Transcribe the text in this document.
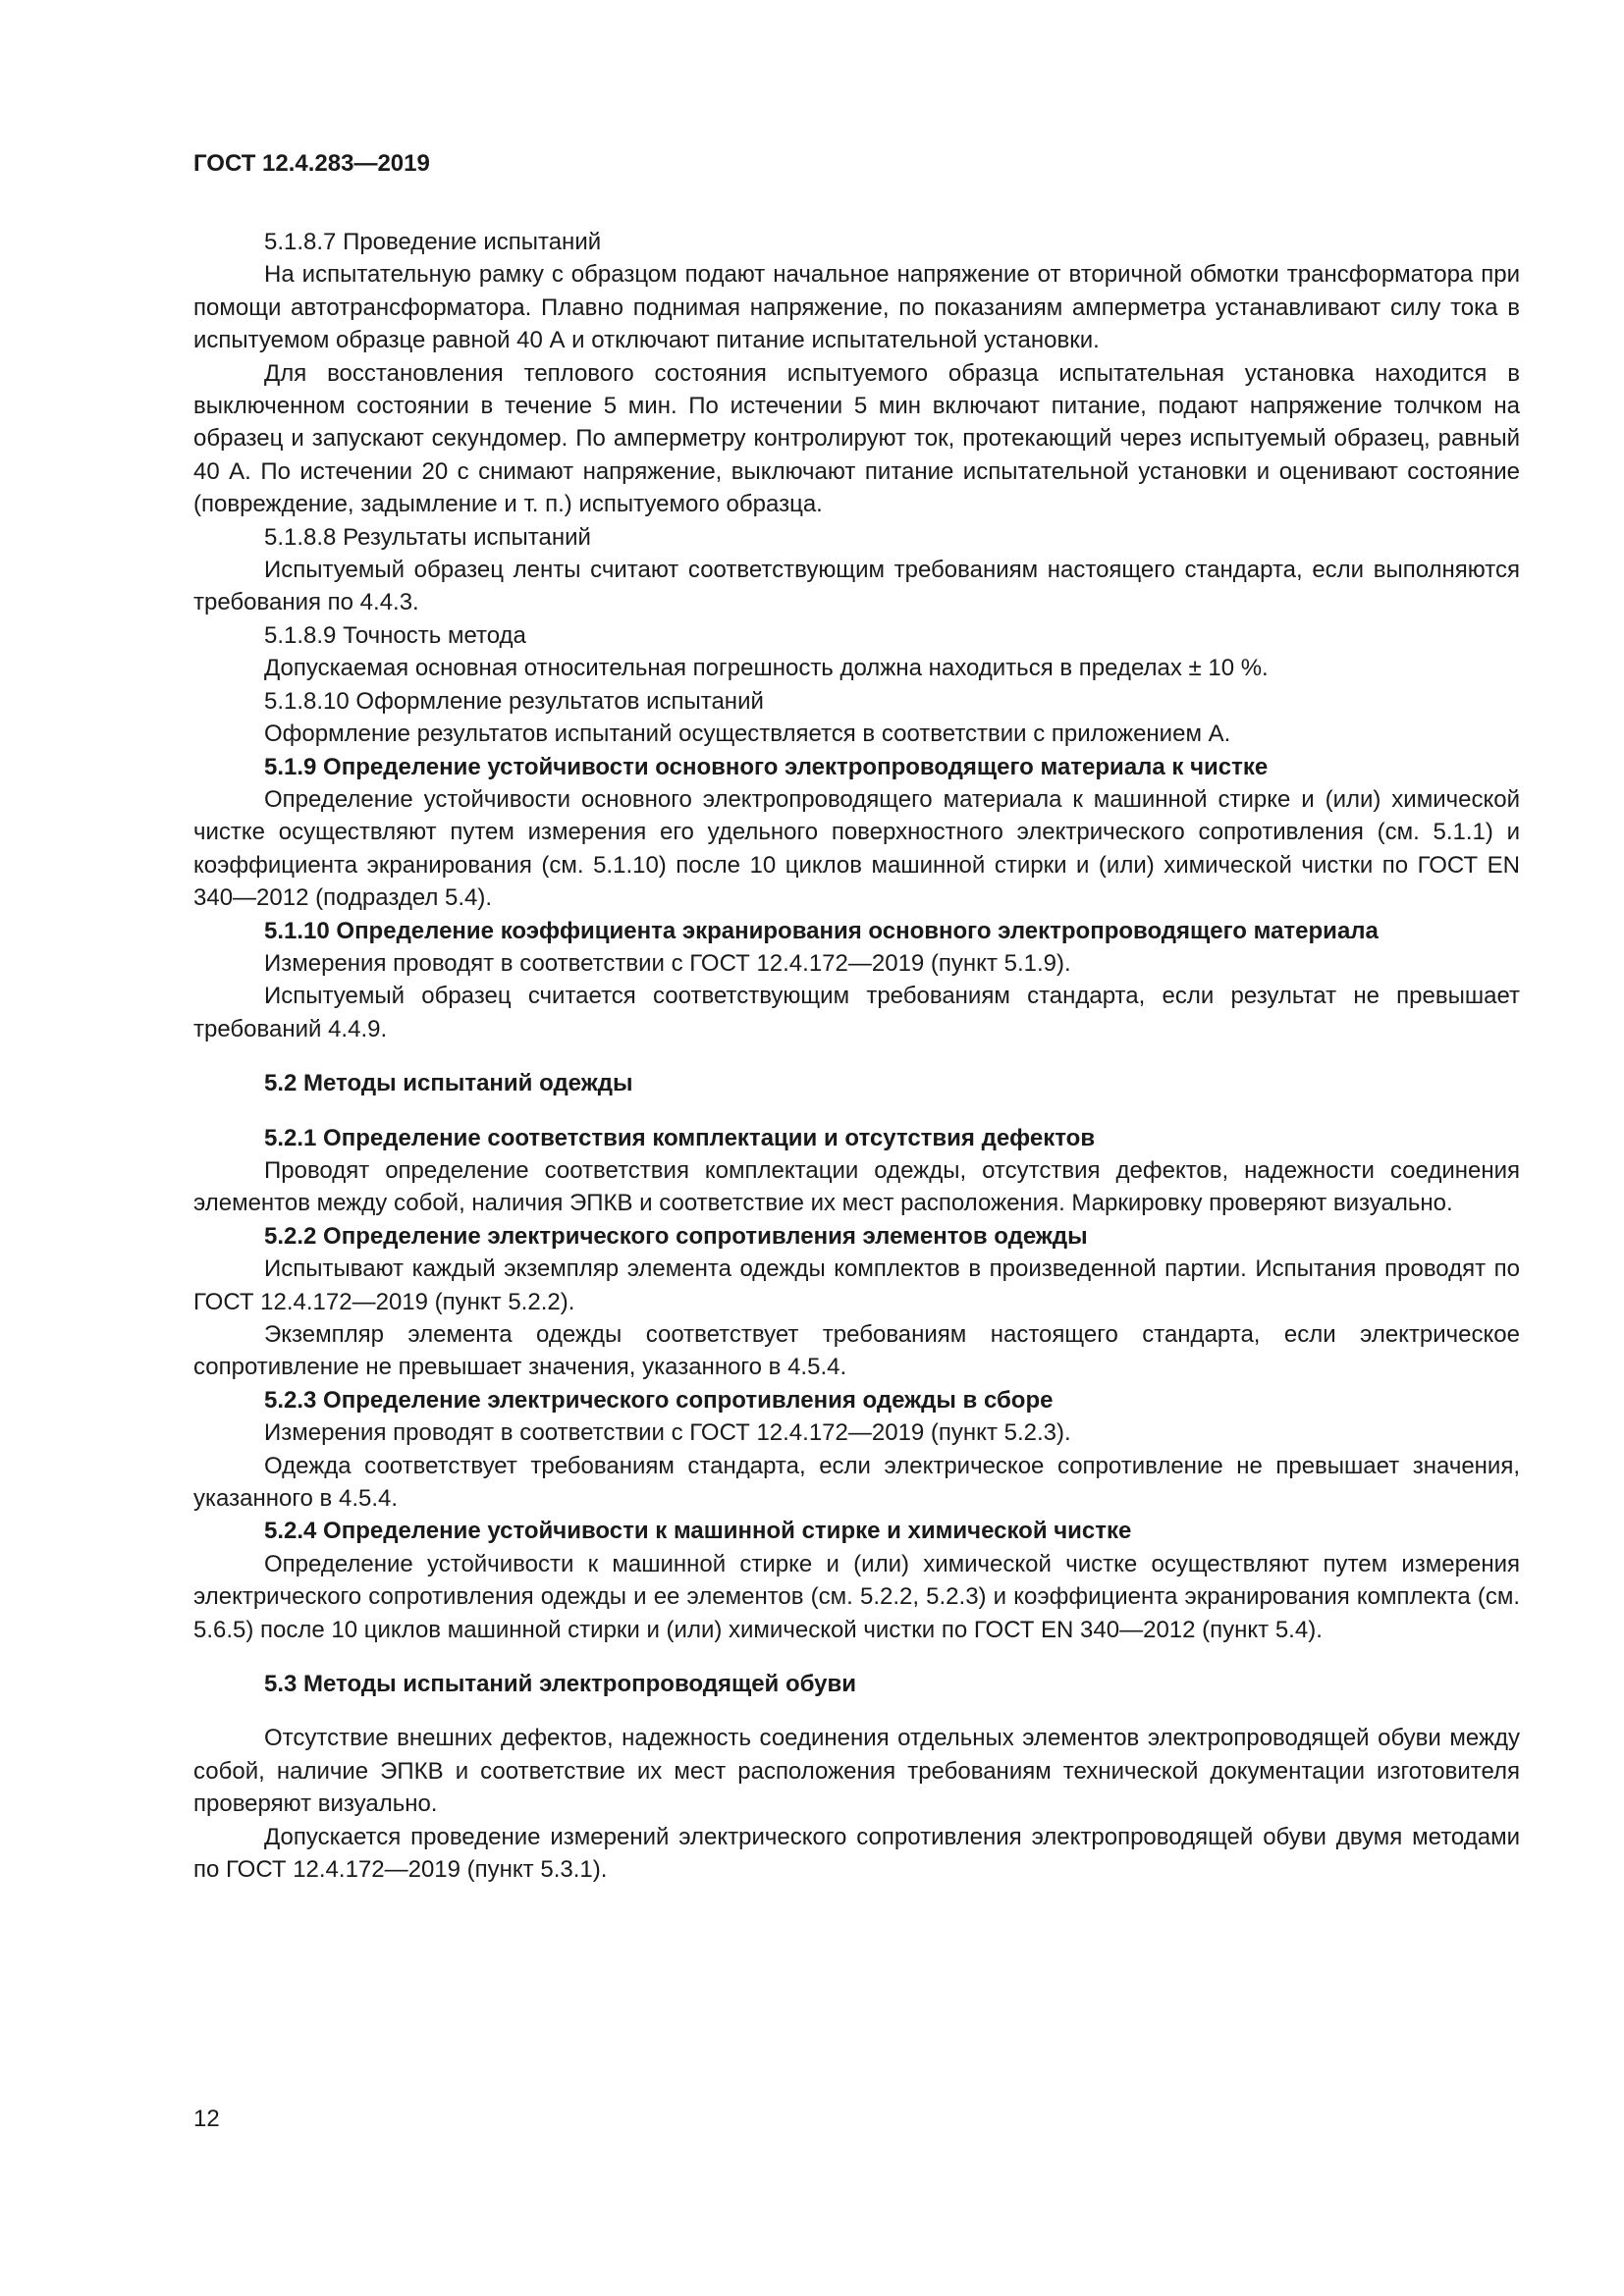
ГОСТ 12.4.283—2019

5.1.8.7 Проведение испытаний

На испытательную рамку с образцом подают начальное напряжение от вторичной обмотки трансформатора при помощи автотрансформатора. Плавно поднимая напряжение, по показаниям амперметра устанавливают силу тока в испытуемом образце равной 40 А и отключают питание испытательной установки.

Для восстановления теплового состояния испытуемого образца испытательная установка находится в выключенном состоянии в течение 5 мин. По истечении 5 мин включают питание, подают напряжение толчком на образец и запускают секундомер. По амперметру контролируют ток, протекающий через испытуемый образец, равный 40 А. По истечении 20 с снимают напряжение, выключают питание испытательной установки и оценивают состояние (повреждение, задымление и т. п.) испытуемого образца.

5.1.8.8 Результаты испытаний

Испытуемый образец ленты считают соответствующим требованиям настоящего стандарта, если выполняются требования по 4.4.3.

5.1.8.9 Точность метода

Допускаемая основная относительная погрешность должна находиться в пределах ± 10 %.

5.1.8.10 Оформление результатов испытаний

Оформление результатов испытаний осуществляется в соответствии с приложением А.

5.1.9 Определение устойчивости основного электропроводящего материала к чистке

Определение устойчивости основного электропроводящего материала к машинной стирке и (или) химической чистке осуществляют путем измерения его удельного поверхностного электрического сопротивления (см. 5.1.1) и коэффициента экранирования (см. 5.1.10) после 10 циклов машинной стирки и (или) химической чистки по ГОСТ EN 340—2012 (подраздел 5.4).

5.1.10 Определение коэффициента экранирования основного электропроводящего материала

Измерения проводят в соответствии с ГОСТ 12.4.172—2019 (пункт 5.1.9).

Испытуемый образец считается соответствующим требованиям стандарта, если результат не превышает требований 4.4.9.

5.2 Методы испытаний одежды

5.2.1 Определение соответствия комплектации и отсутствия дефектов

Проводят определение соответствия комплектации одежды, отсутствия дефектов, надежности соединения элементов между собой, наличия ЭПКВ и соответствие их мест расположения. Маркировку проверяют визуально.

5.2.2 Определение электрического сопротивления элементов одежды

Испытывают каждый экземпляр элемента одежды комплектов в произведенной партии. Испытания проводят по ГОСТ 12.4.172—2019 (пункт 5.2.2).

Экземпляр элемента одежды соответствует требованиям настоящего стандарта, если электрическое сопротивление не превышает значения, указанного в 4.5.4.

5.2.3 Определение электрического сопротивления одежды в сборе

Измерения проводят в соответствии с ГОСТ 12.4.172—2019 (пункт 5.2.3).

Одежда соответствует требованиям стандарта, если электрическое сопротивление не превышает значения, указанного в 4.5.4.

5.2.4 Определение устойчивости к машинной стирке и химической чистке

Определение устойчивости к машинной стирке и (или) химической чистке осуществляют путем измерения электрического сопротивления одежды и ее элементов (см. 5.2.2, 5.2.3) и коэффициента экранирования комплекта (см. 5.6.5) после 10 циклов машинной стирки и (или) химической чистки по ГОСТ EN 340—2012 (пункт 5.4).

5.3 Методы испытаний электропроводящей обуви

Отсутствие внешних дефектов, надежность соединения отдельных элементов электропроводящей обуви между собой, наличие ЭПКВ и соответствие их мест расположения требованиям технической документации изготовителя проверяют визуально.

Допускается проведение измерений электрического сопротивления электропроводящей обуви двумя методами по ГОСТ 12.4.172—2019 (пункт 5.3.1).

12
